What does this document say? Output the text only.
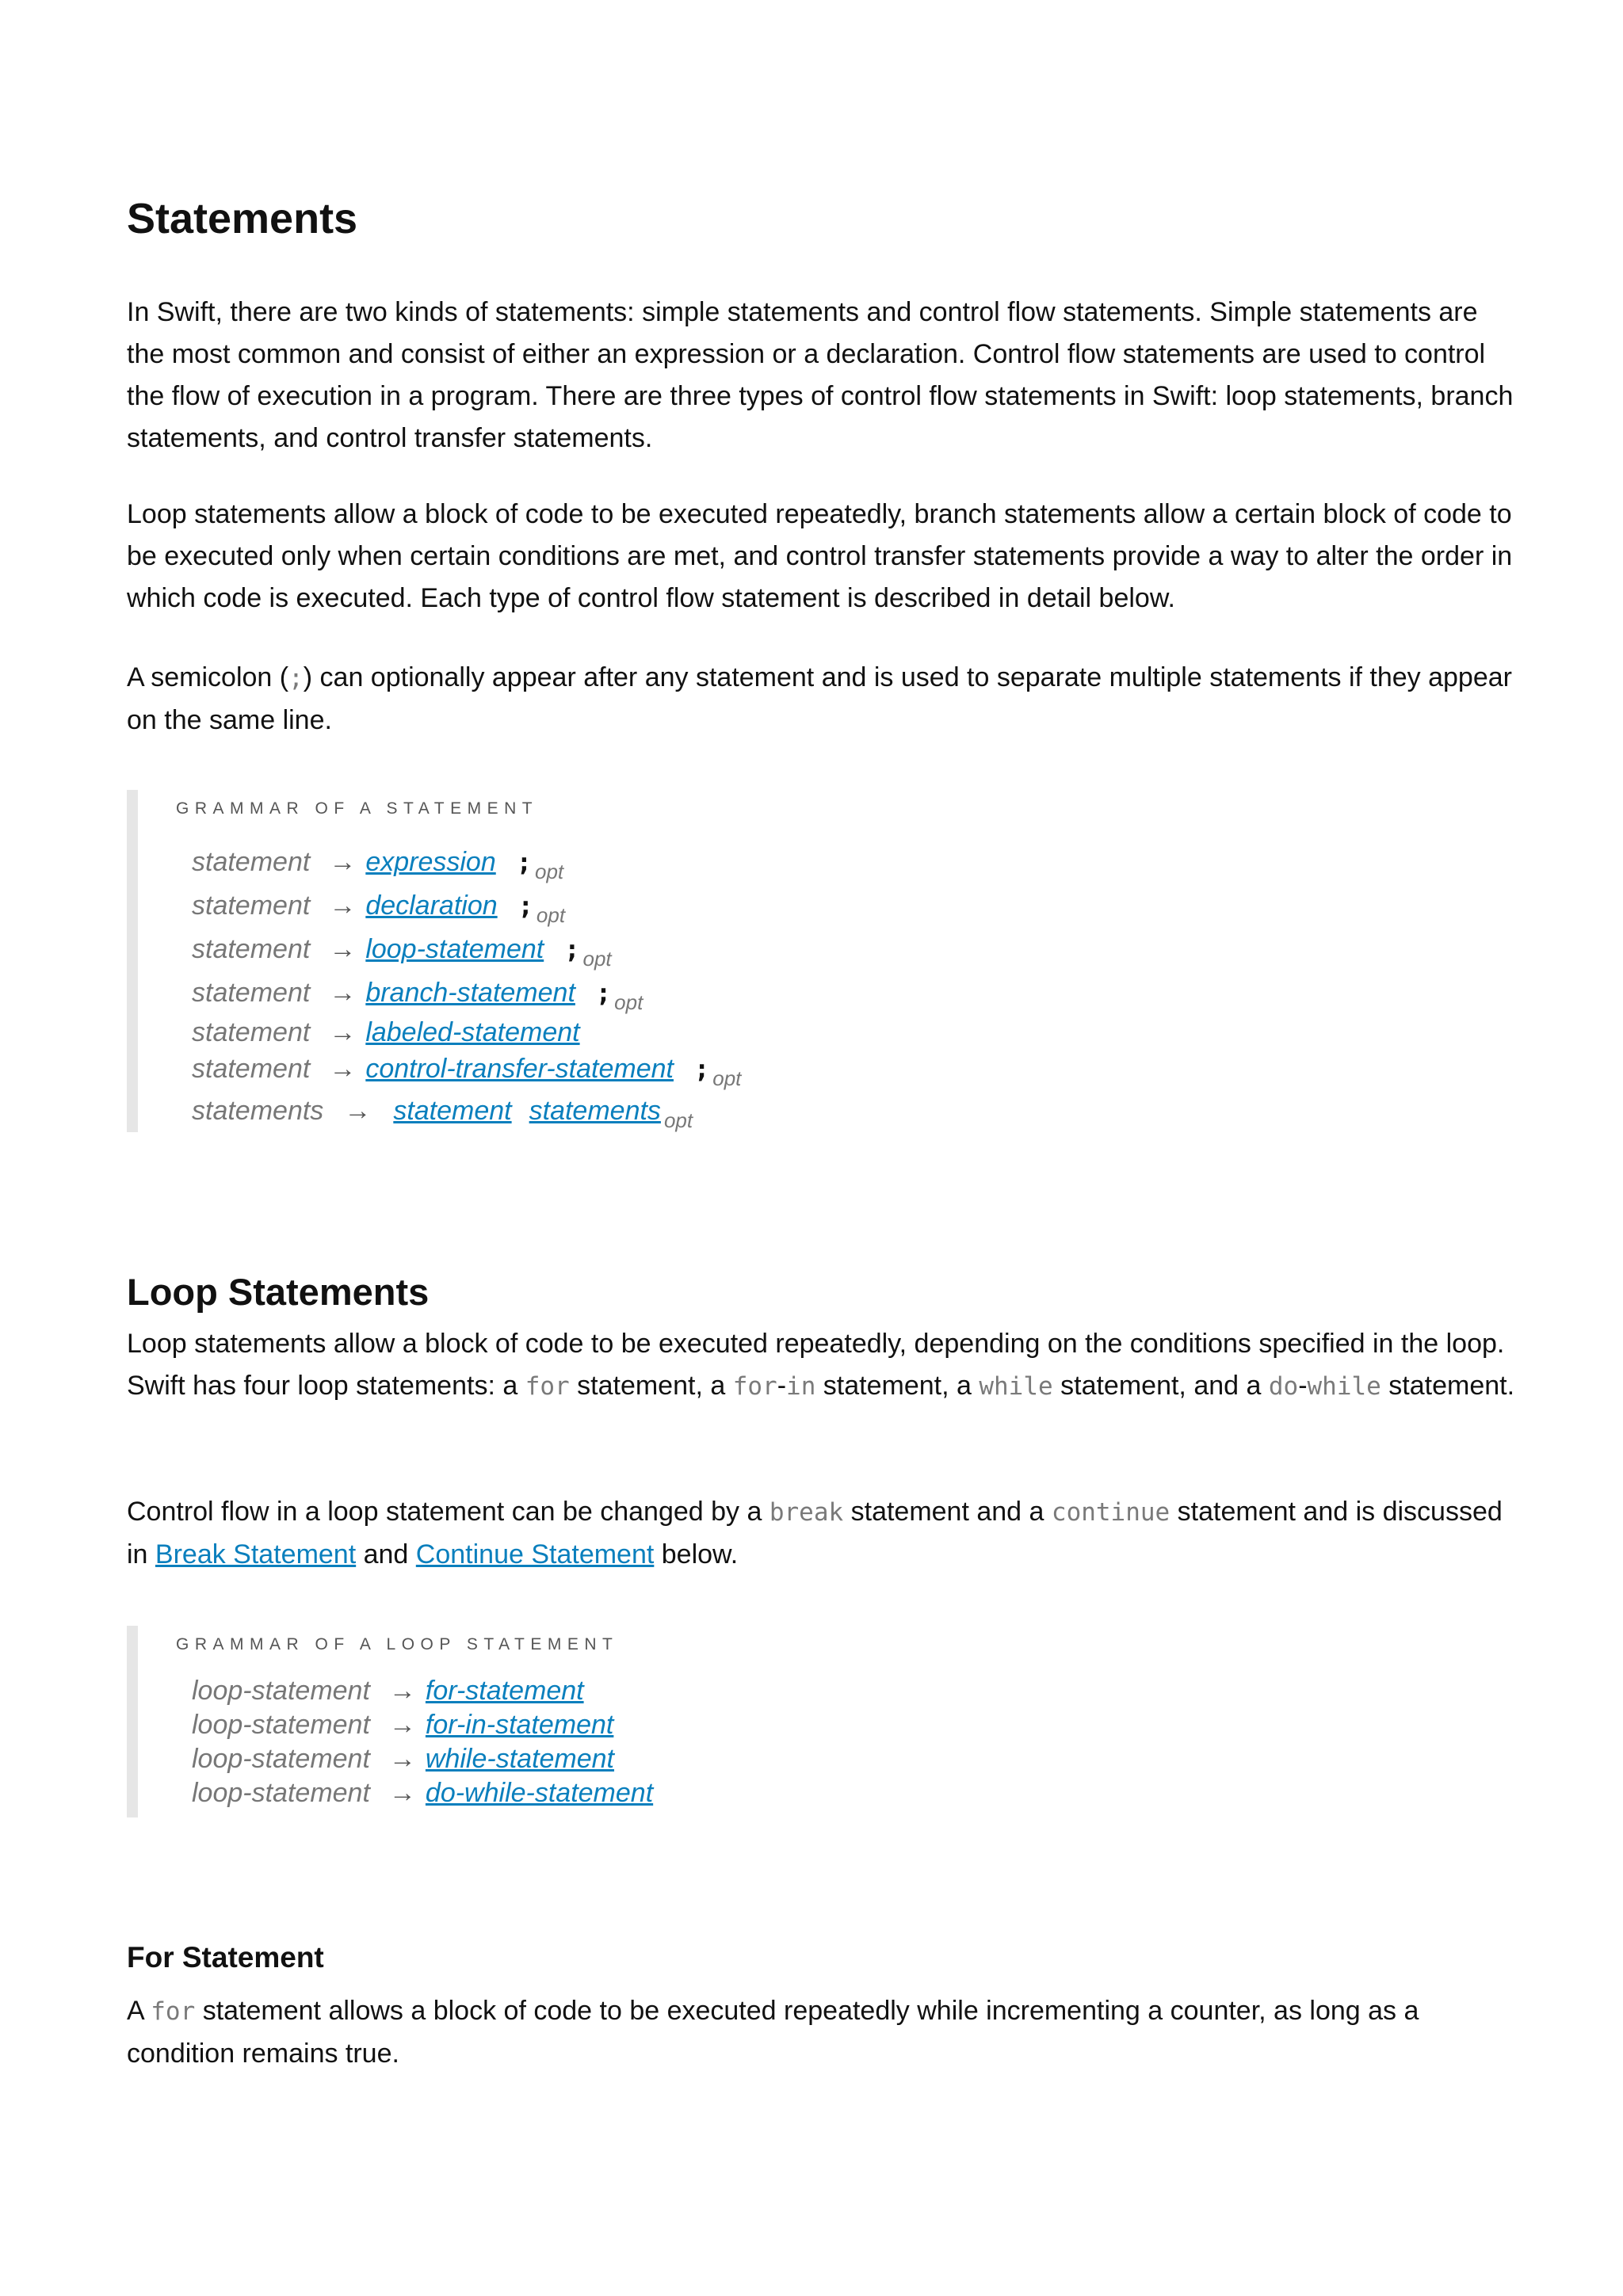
Statements

In Swift, there are two kinds of statements: simple statements and control flow statements. Simple statements are the most common and consist of either an expression or a declaration. Control flow statements are used to control the flow of execution in a program. There are three types of control flow statements in Swift: loop statements, branch statements, and control transfer statements.

Loop statements allow a block of code to be executed repeatedly, branch statements allow a certain block of code to be executed only when certain conditions are met, and control transfer statements provide a way to alter the order in which code is executed. Each type of control flow statement is described in detail below.

A semicolon (;) can optionally appear after any statement and is used to separate multiple statements if they appear on the same line.

GRAMMAR OF A STATEMENT
statement → expression ; $_{opt}$
statement → declaration ; $_{opt}$
statement → loop-statement ; $_{opt}$
statement → branch-statement ; $_{opt}$
statement → labeled-statement
statement → control-transfer-statement ; $_{opt}$
statements → statement statements $_{opt}$
Loop Statements

Loop statements allow a block of code to be executed repeatedly, depending on the conditions specified in the loop. Swift has four loop statements: a for statement, a for-in statement, a while statement, and a do-while statement.

Control flow in a loop statement can be changed by a break statement and a continue statement and is discussed in Break Statement and Continue Statement below.

GRAMMAR OF A LOOP STATEMENT
loop-statement → for-statement
loop-statement → for-in-statement
loop-statement → while-statement
loop-statement → do-while-statement
For Statement

A for statement allows a block of code to be executed repeatedly while incrementing a counter, as long as a condition remains true.
